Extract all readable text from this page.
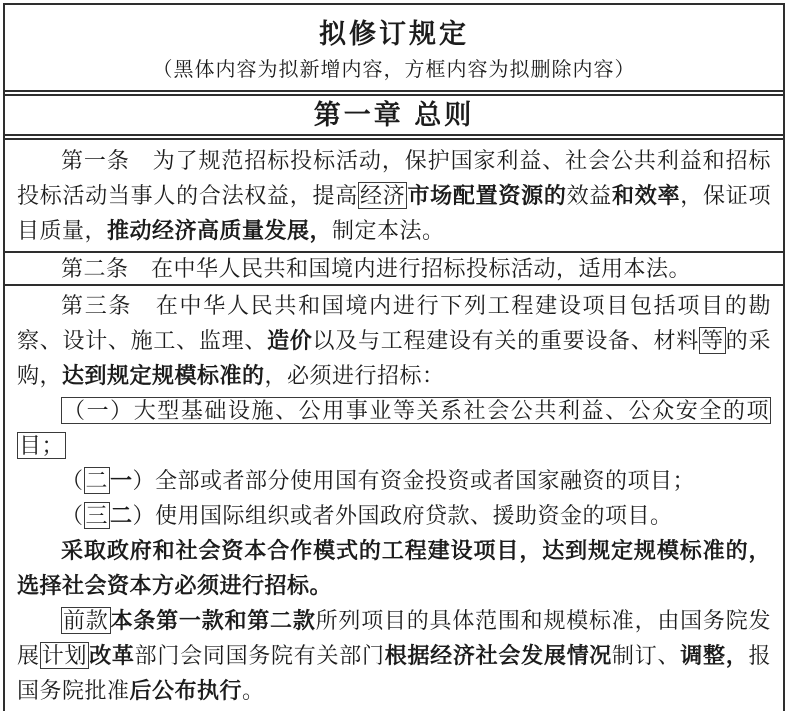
拟修订规定
（黑体内容为拟新增内容，方框内容为拟删除内容）
第一章 总则

第一条　为了规范招标投标活动，保护国家利益、社会公共利益和招标投标活动当事人的合法权益，提高经济市场配置资源的效益和效率，保证项目质量，推动经济高质量发展，制定本法。

第二条　在中华人民共和国境内进行招标投标活动，适用本法。

第三条　在中华人民共和国境内进行下列工程建设项目包括项目的勘察、设计、施工、监理、造价以及与工程建设有关的重要设备、材料等的采购，达到规定规模标准的，必须进行招标：

（一）大型基础设施、公用事业等关系社会公共利益、公众安全的项目；

（二一）全部或者部分使用国有资金投资或者国家融资的项目；

（三二）使用国际组织或者外国政府贷款、援助资金的项目。

采取政府和社会资本合作模式的工程建设项目，达到规定规模标准的，选择社会资本方必须进行招标。

前款本条第一款和第二款所列项目的具体范围和规模标准，由国务院发展计划改革部门会同国务院有关部门根据经济社会发展情况制订、调整，报国务院批准后公布执行。
